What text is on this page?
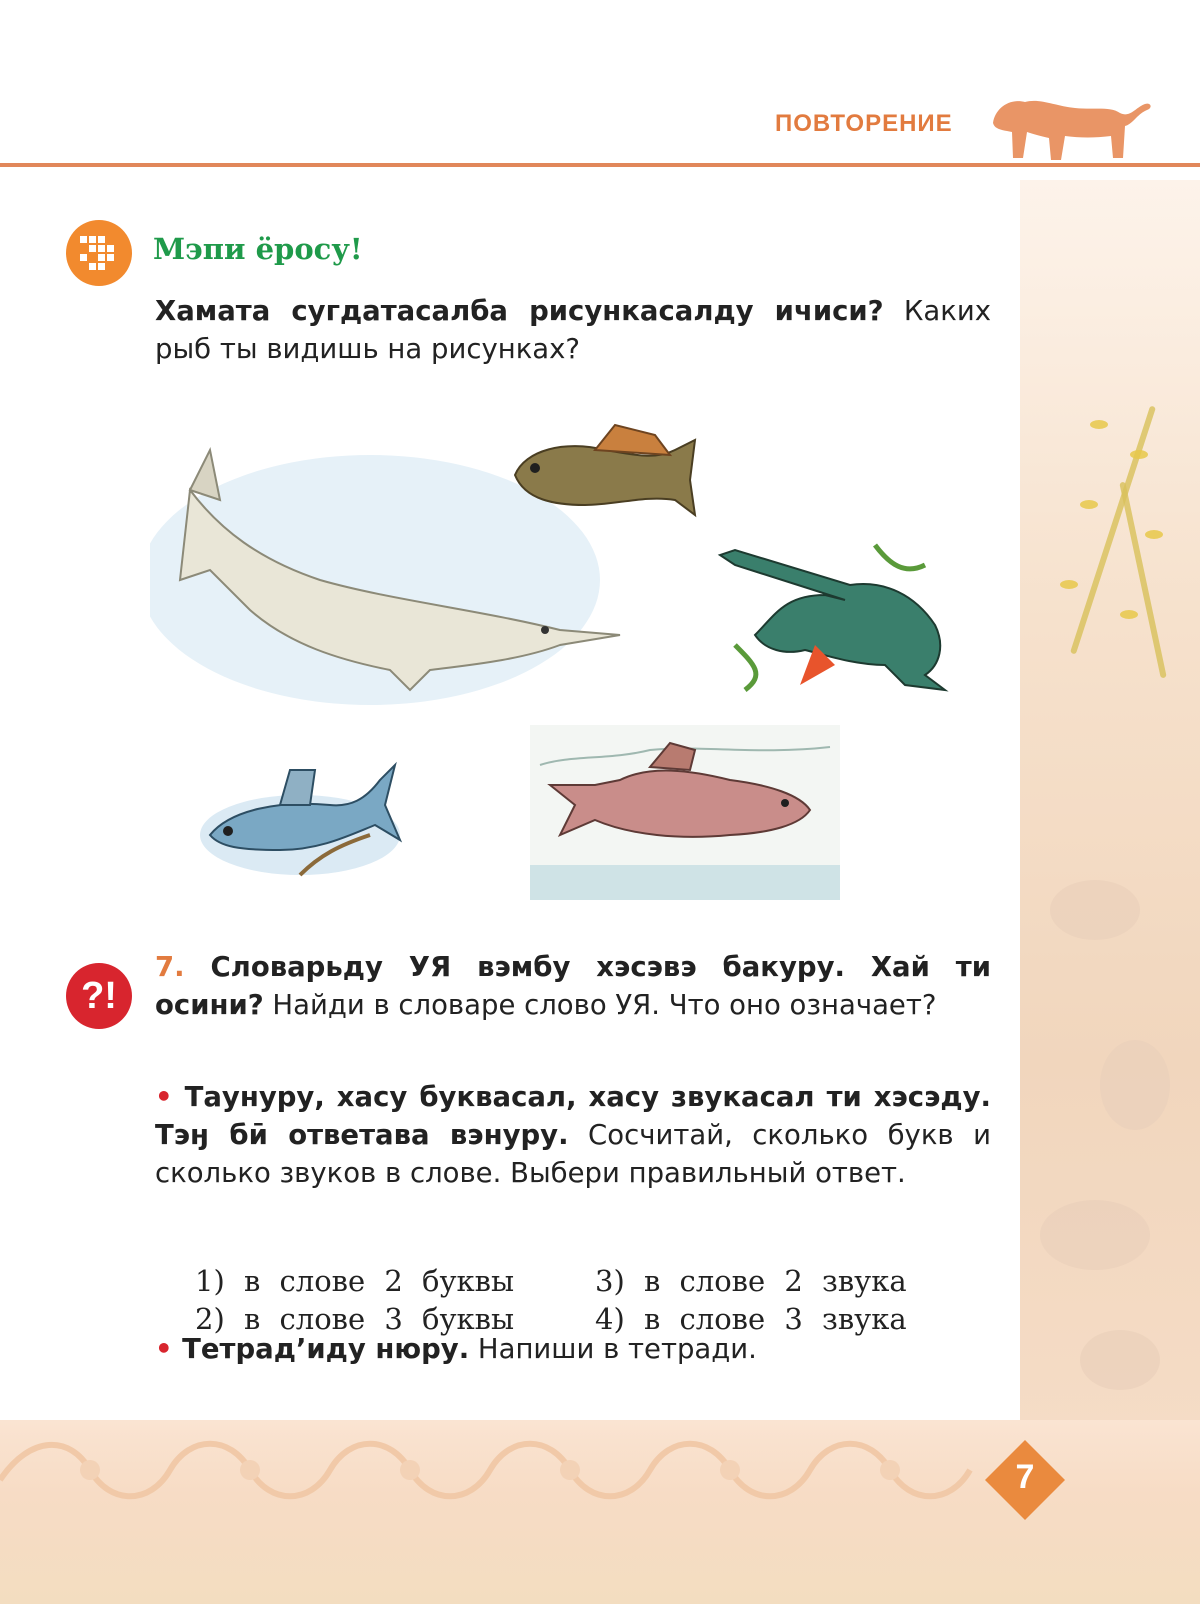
ПОВТОРЕНИЕ
Мэпи ёросу!
Хамата сугдатасалба рисункасалду ичиси? Каких рыб ты видишь на рисунках?
?!
7. Словарьду УЯ вэмбу хэсэвэ бакуру. Хай ти осини? Найди в словаре слово УЯ. Что оно означает?
• Таунуру, хасу буквасал, хасу звукасал ти хэсэду. Тэӈ бӣ ответава вэнуру. Сосчитай, сколько букв и сколько звуков в слове. Выбери правильный ответ.
1) в слове 2 буквы
2) в слове 3 буквы
3) в слове 2 звука
4) в слове 3 звука
• Тетрад’иду нюру. Напиши в тетради.
7
